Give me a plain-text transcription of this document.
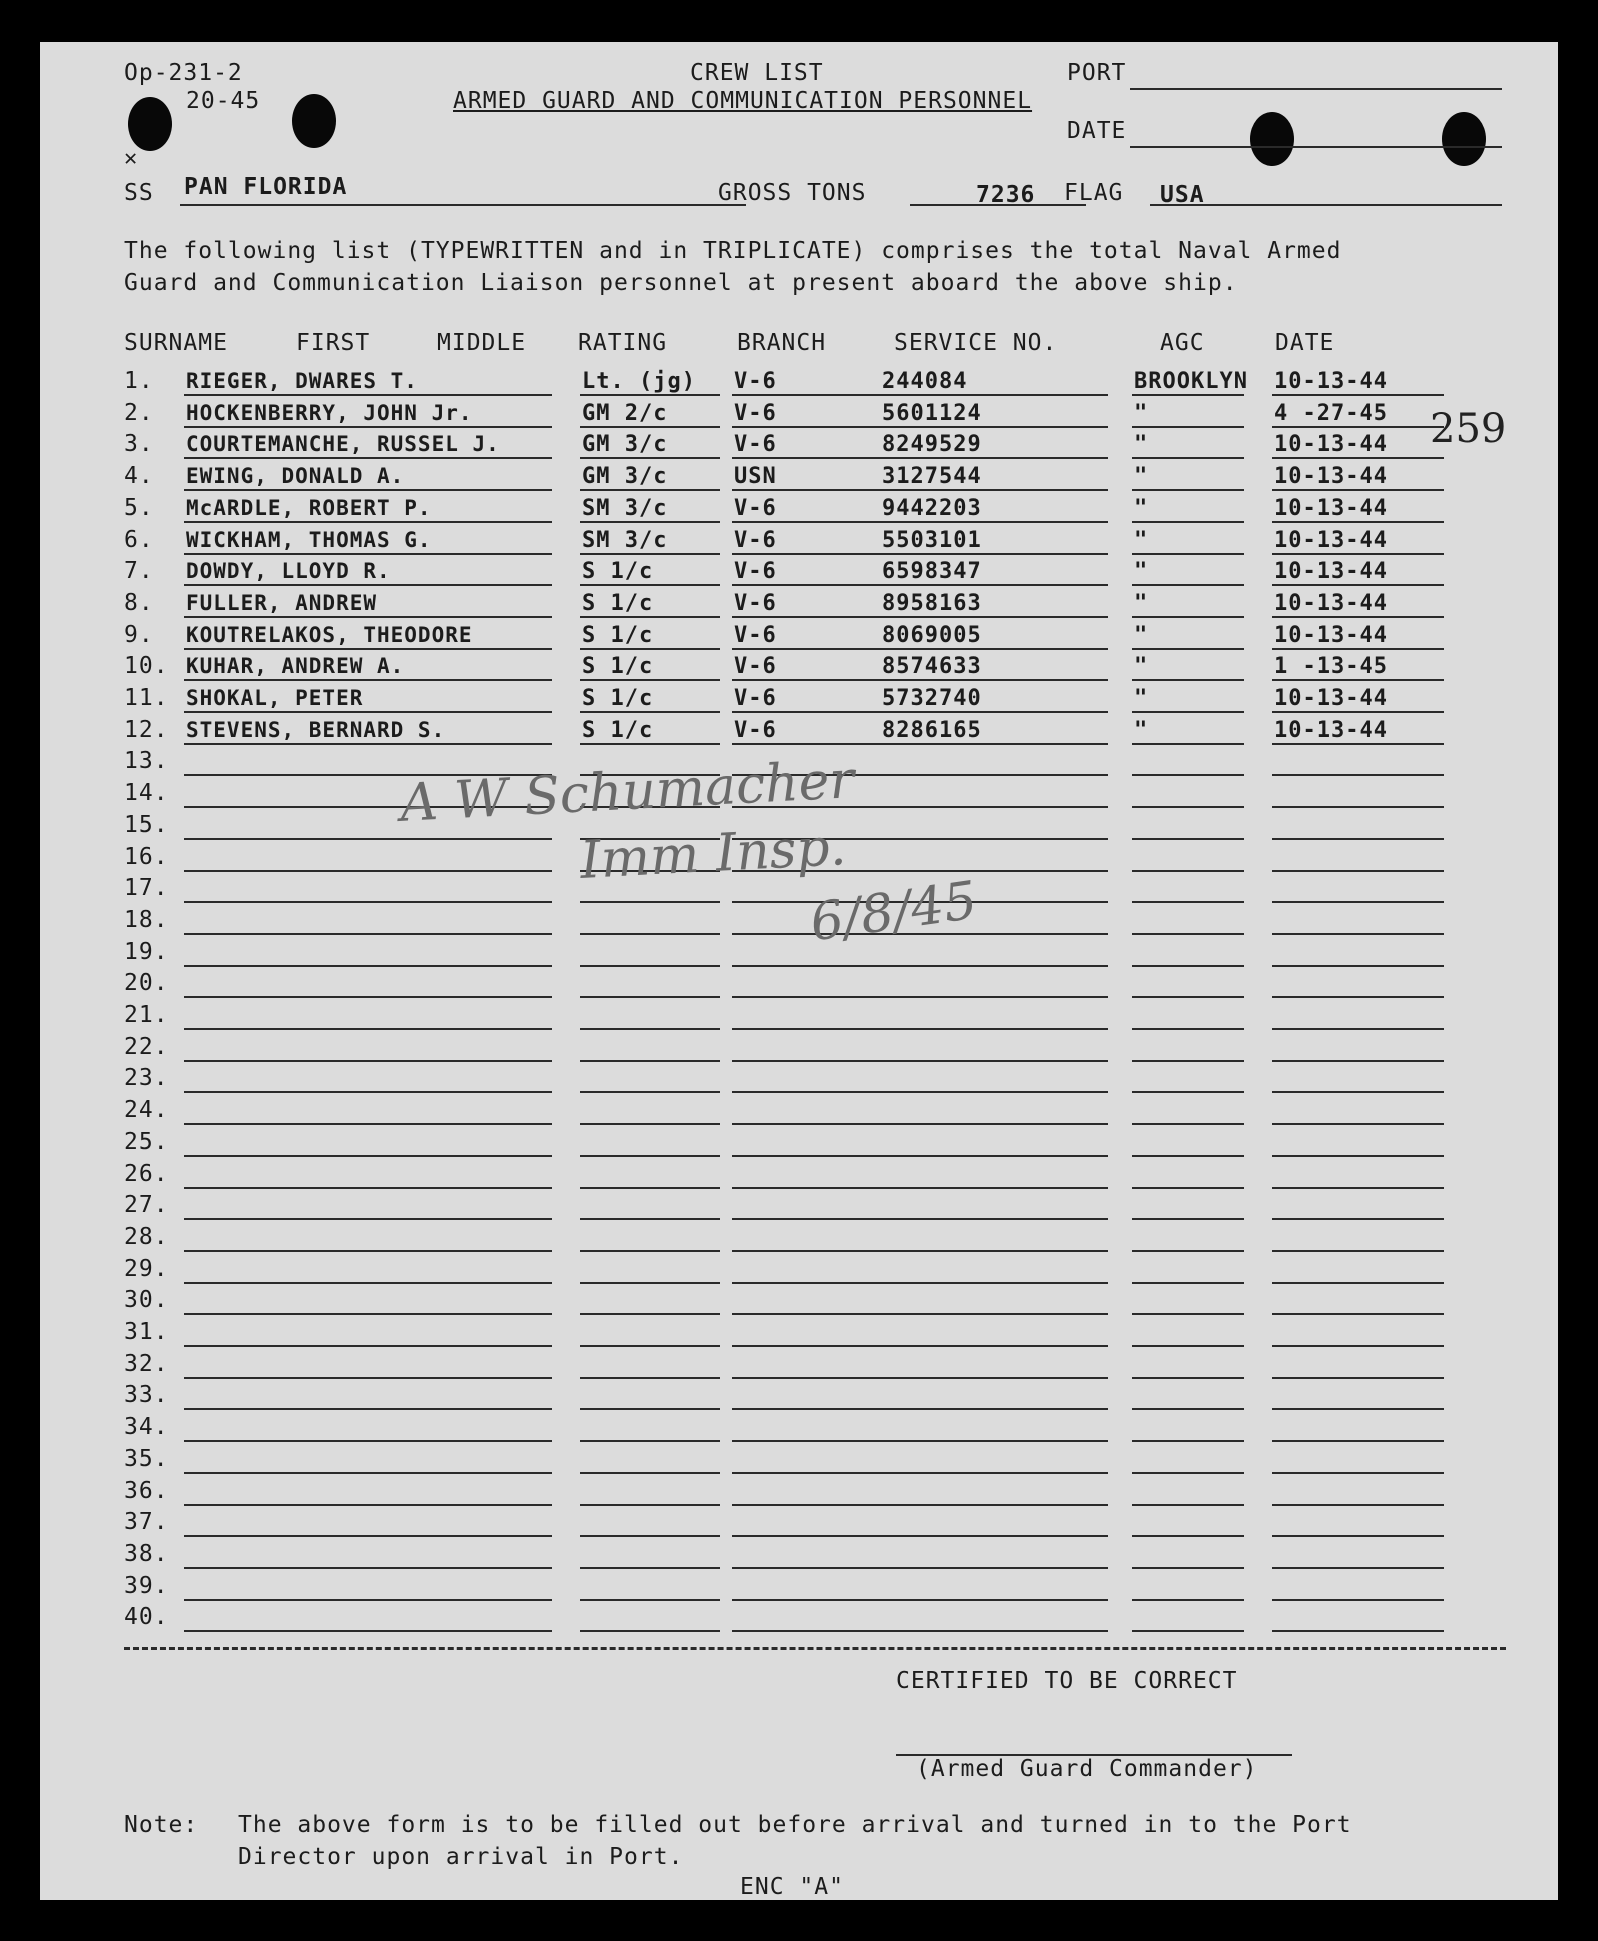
Op-231-2
20-45
✕
CREW LIST
ARMED GUARD AND COMMUNICATION PERSONNEL
PORT
DATE
SS PAN FLORIDA	GROSS TONS	7236 FLAG USA
The following list (TYPEWRITTEN and in TRIPLICATE) comprises the total Naval Armed
Guard and Communication Liaison personnel at present aboard the above ship.
SURNAME	FIRST	MIDDLE RATING	BRANCH	SERVICE NO.	AGC	DATE
1. RIEGER, DWARES T.	Lt. (jg) V-6	244084	BROOKLYN 10-13-44
2. HOCKENBERRY, JOHN Jr.	GM 2/c	V-6	5601124	"	4 -27-45
3. COURTEMANCHE, RUSSEL J.	GM 3/c	V-6	8249529	"	10-13-44
4. EWING, DONALD A.	GM 3/c	USN	3127544	"	10-13-44
5. McARDLE, ROBERT P.	SM 3/c	V-6	9442203	"	10-13-44
6. WICKHAM, THOMAS G.	SM 3/c	V-6	5503101	"	10-13-44
7. DOWDY, LLOYD R.	S 1/c	V-6	6598347	"	10-13-44
8. FULLER, ANDREW	S 1/c	V-6	8958163	"	10-13-44
9. KOUTRELAKOS, THEODORE	S 1/c	V-6	8069005	"	10-13-44
10. KUHAR, ANDREW A.	S 1/c	V-6	8574633	"	1 -13-45
11. SHOKAL, PETER	S 1/c	V-6	5732740	"	10-13-44
12. STEVENS, BERNARD S.	S 1/c	V-6	8286165	"	10-13-44
13.
14.
15.
16.
17.
18.
19.
20.
21.
22.
23.
24.
25.
26.
27.
28.
29.
30.
31.
32.
33.
34.
35.
36.
37.
38.
39.
40.
259
A W Schumacher
Imm Insp.
6/8/45
CERTIFIED TO BE CORRECT
(Armed Guard Commander)
Note: The above form is to be filled out before arrival and turned in to the Port
Director upon arrival in Port.
ENC "A"
